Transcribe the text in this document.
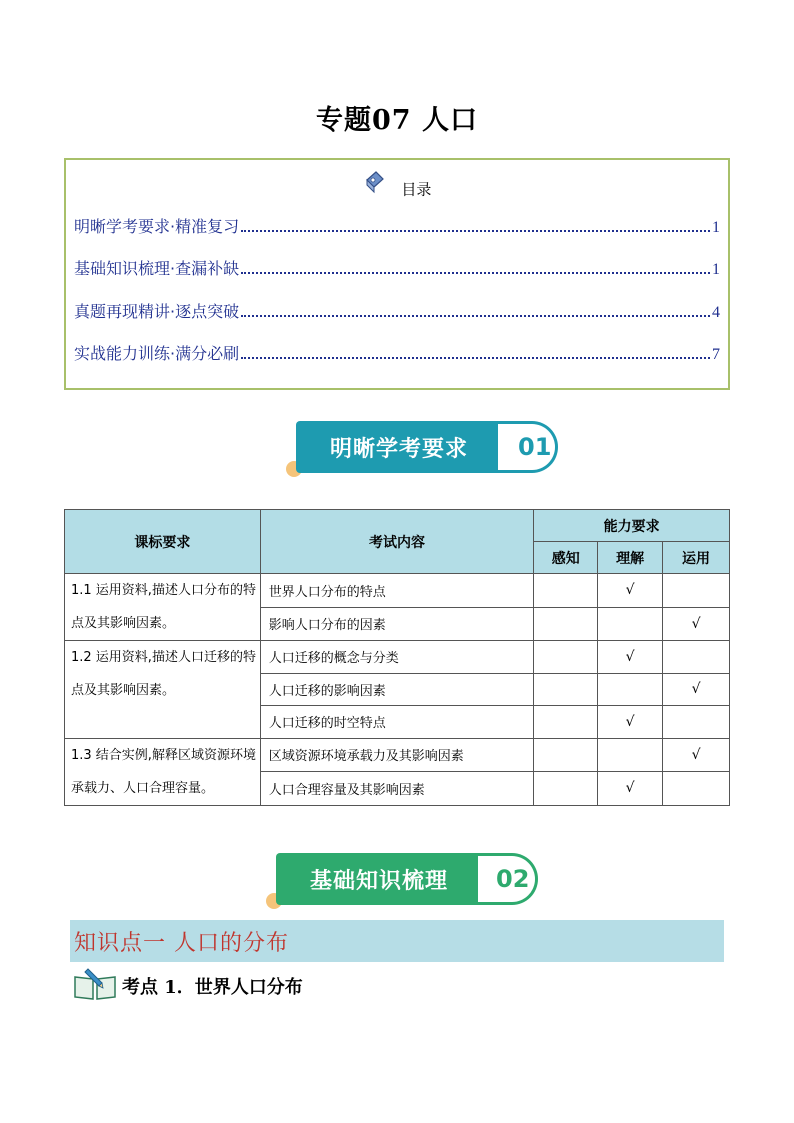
专题07 人口
目录
明晰学考要求·精准复习	1
基础知识梳理·查漏补缺	1
真题再现精讲·逐点突破	4
实战能力训练·满分必刷	7
明晰学考要求	01
课标要求	考试内容	能力要求		
		感知	理解	运用
1.1 运用资料,描述人口分布的特点及其影响因素。	世界人口分布的特点		√	
	影响人口分布的因素			√
1.2 运用资料,描述人口迁移的特点及其影响因素。	人口迁移的概念与分类		√	
	人口迁移的影响因素			√
	人口迁移的时空特点		√	
1.3 结合实例,解释区域资源环境承载力、人口合理容量。	区域资源环境承载力及其影响因素			√
	人口合理容量及其影响因素		√	
基础知识梳理	02
知识点一 人口的分布
考点 1．世界人口分布
